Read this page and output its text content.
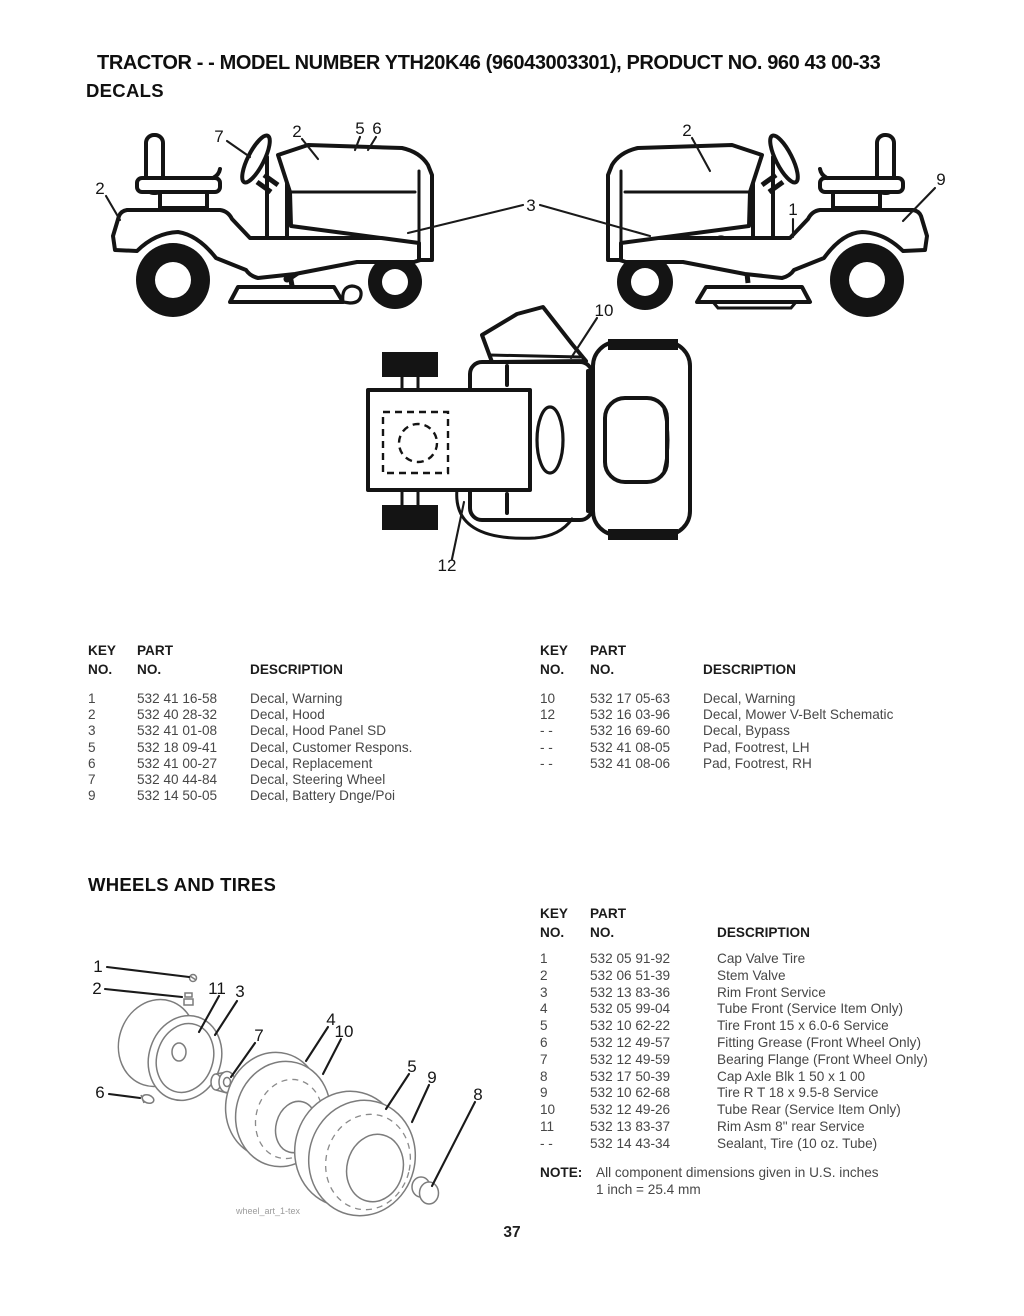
TRACTOR - - MODEL NUMBER YTH20K46 (96043003301), PRODUCT NO. 960 43 00-33
DECALS
7	2	5 6
2
3
2
1
9
10
12
KEY	PART
NO.	NO.	DESCRIPTION
1	532 41 16-58	Decal, Warning
2	532 40 28-32	Decal, Hood
3	532 41 01-08	Decal, Hood Panel SD
5	532 18 09-41	Decal, Customer Respons.
6	532 41 00-27	Decal, Replacement
7	532 40 44-84	Decal, Steering Wheel
9	532 14 50-05	Decal, Battery Dnge/Poi
KEY	PART
NO.	NO.	DESCRIPTION
10	532 17 05-63	Decal, Warning
12	532 16 03-96	Decal, Mower V-Belt Schematic
- -	532 16 69-60	Decal, Bypass
- -	532 41 08-05	Pad, Footrest, LH
- -	532 41 08-06	Pad, Footrest, RH
WHEELS AND TIRES
KEY	PART
NO.	NO.	DESCRIPTION
1	532 05 91-92	Cap Valve Tire
2	532 06 51-39	Stem Valve
3	532 13 83-36	Rim Front Service
4	532 05 99-04	Tube Front (Service Item Only)
5	532 10 62-22	Tire Front 15 x 6.0-6 Service
6	532 12 49-57	Fitting Grease (Front Wheel Only)
7	532 12 49-59	Bearing Flange (Front Wheel Only)
8	532 17 50-39	Cap Axle Blk 1 50 x 1 00
9	532 10 62-68	Tire R T 18 x 9.5-8 Service
10	532 12 49-26	Tube Rear (Service Item Only)
11	532 13 83-37	Rim Asm 8" rear Service
- -	532 14 43-34	Sealant, Tire (10 oz. Tube)
NOTE:	All component dimensions given in U.S. inches
1 inch = 25.4 mm
1
2	11 3
7
6
4
10
5
9
8
wheel_art_1-tex
37
